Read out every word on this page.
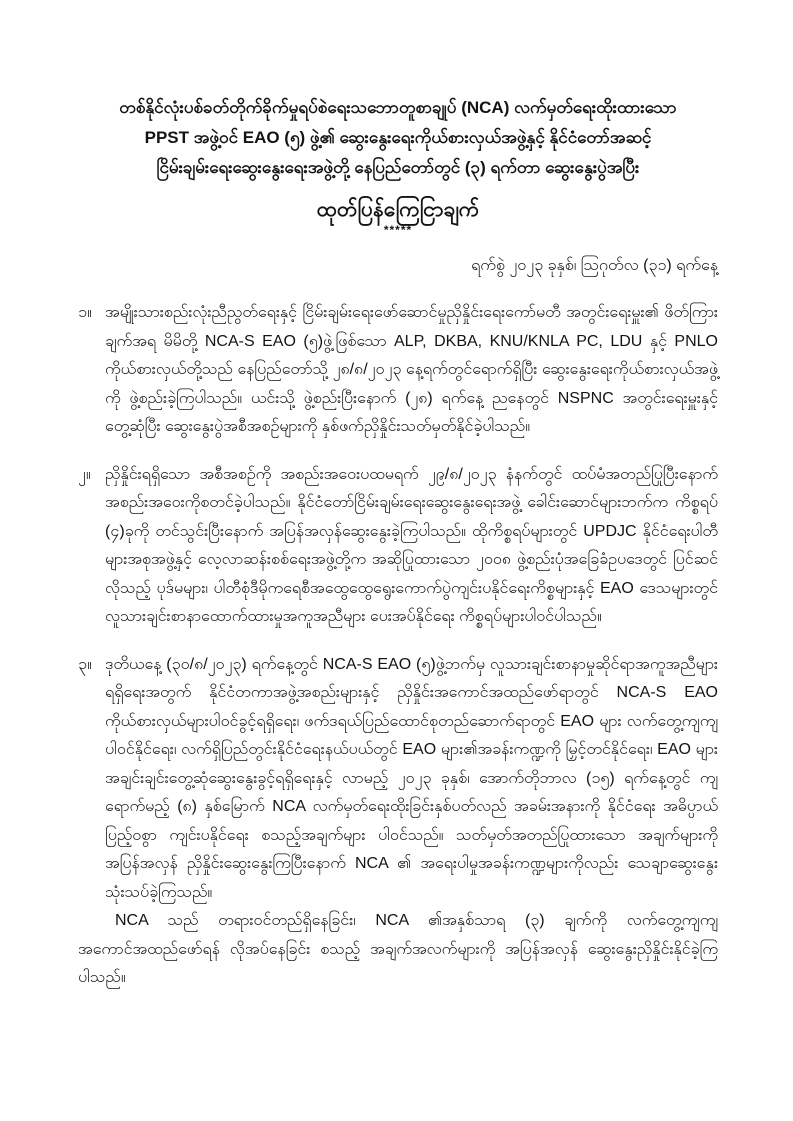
တစ်နိုင်လုံးပစ်ခတ်တိုက်ခိုက်မှုရပ်စဲရေးသဘောတူစာချုပ် (NCA) လက်မှတ်ရေးထိုးထားသော
PPST အဖွဲ့ဝင် EAO (၅) ဖွဲ့၏ ဆွေးနွေးရေးကိုယ်စားလှယ်အဖွဲ့နှင့် နိုင်ငံတော်အဆင့်
ငြိမ်းချမ်းရေးဆွေးနွေးရေးအဖွဲ့တို့ နေပြည်တော်တွင် (၃) ရက်တာ ဆွေးနွေးပွဲအပြီး
ထုတ်ပြန်ကြေငြာချက်
*****
ရက်စွဲ ၂၀၂၃ ခုနှစ်၊ သြဂုတ်လ (၃၁) ရက်နေ့
၁။ အမျိုးသားစည်းလုံးညီညွတ်ရေးနှင့် ငြိမ်းချမ်းရေးဖော်ဆောင်မှုညှိနှိုင်းရေးကော်မတီ အတွင်းရေးမှူး၏ ဖိတ်ကြားချက်အရ မိမိတို့ NCA-S EAO (၅)ဖွဲ့ဖြစ်သော ALP, DKBA, KNU/KNLA PC, LDU နှင့် PNLO ကိုယ်စားလှယ်တို့သည် နေပြည်တော်သို့ ၂၈/၈/၂၀၂၃ နေ့ရက်တွင်ရောက်ရှိပြီး ဆွေးနွေးရေးကိုယ်စားလှယ်အဖွဲ့ကို ဖွဲ့စည်းခဲ့ကြပါသည်။ ယင်းသို့ ဖွဲ့စည်းပြီးနောက် (၂၈) ရက်နေ့ ညနေတွင် NSPNC အတွင်းရေးမှူးနှင့်တွေ့ဆုံပြီး ဆွေးနွေးပွဲအစီအစဉ်များကို နှစ်ဖက်ညှိနှိုင်းသတ်မှတ်နိုင်ခဲ့ပါသည်။
၂။ ညှိနှိုင်းရရှိသော အစီအစဉ်ကို အစည်းအဝေးပထမရက် ၂၉/၈/၂၀၂၃ နံနက်တွင် ထပ်မံအတည်ပြုပြီးနောက် အစည်းအဝေးကိုစတင်ခဲ့ပါသည်။ နိုင်ငံတော်ငြိမ်းချမ်းရေးဆွေးနွေးရေးအဖွဲ့ ခေါင်းဆောင်များဘက်က ကိစ္စရပ် (၄)ခုကို တင်သွင်းပြီးနောက် အပြန်အလှန်ဆွေးနွေးခဲ့ကြပါသည်။ ထိုကိစ္စရပ်များတွင် UPDJC နိုင်ငံရေးပါတီများအစုအဖွဲ့နှင့် လေ့လာဆန်းစစ်ရေးအဖွဲ့တို့က အဆိုပြုထားသော ၂၀၀၈ ဖွဲ့စည်းပုံအခြေခံဥပဒေတွင် ပြင်ဆင်လိုသည့် ပုဒ်မများ၊ ပါတီစုံဒီမိုကရေစီအထွေထွေရွေးကောက်ပွဲကျင်းပနိုင်ရေးကိစ္စများနှင့် EAO ဒေသများတွင် လူသားချင်းစာနာထောက်ထားမှုအကူအညီများ ပေးအပ်နိုင်ရေး ကိစ္စရပ်များပါဝင်ပါသည်။
၃။ ဒုတိယနေ့ (၃၀/၈/၂၀၂၃) ရက်နေ့တွင် NCA-S EAO (၅)ဖွဲ့ဘက်မှ လူသားချင်းစာနာမှုဆိုင်ရာအကူအညီများ ရရှိရေးအတွက် နိုင်ငံတကာအဖွဲ့အစည်းများနှင့် ညှိနှိုင်းအကောင်အထည်ဖော်ရာတွင် NCA-S EAO ကိုယ်စားလှယ်များပါဝင်ခွင့်ရရှိရေး၊ ဖက်ဒရယ်ပြည်ထောင်စုတည်ဆောက်ရာတွင် EAO များ လက်တွေ့ကျကျပါဝင်နိုင်ရေး၊ လက်ရှိပြည်တွင်းနိုင်ငံရေးနယ်ပယ်တွင် EAO များ၏အခန်းကဏ္ဍကို မြှင့်တင်နိုင်ရေး၊ EAO များ အချင်းချင်းတွေ့ဆုံဆွေးနွေးခွင့်ရရှိရေးနှင့် လာမည့် ၂၀၂၃ ခုနှစ်၊ အောက်တိုဘာလ (၁၅) ရက်နေ့တွင် ကျရောက်မည့် (၈) နှစ်မြောက် NCA လက်မှတ်ရေးထိုးခြင်းနှစ်ပတ်လည် အခမ်းအနားကို နိုင်ငံရေး အဓိပ္ပာယ်ပြည့်ဝစွာ ကျင်းပနိုင်ရေး စသည့်အချက်များ ပါဝင်သည်။ သတ်မှတ်အတည်ပြုထားသော အချက်များကို အပြန်အလှန် ညှိနှိုင်းဆွေးနွေးကြပြီးနောက် NCA ၏ အရေးပါမှုအခန်းကဏ္ဍများကိုလည်း သေချာဆွေးနွေးသုံးသပ်ခဲ့ကြသည်။
NCA သည် တရားဝင်တည်ရှိနေခြင်း၊ NCA ၏အနှစ်သာရ (၃) ချက်ကို လက်တွေ့ကျကျ အကောင်အထည်ဖော်ရန် လိုအပ်နေခြင်း စသည့် အချက်အလက်များကို အပြန်အလှန် ဆွေးနွေးညှိနှိုင်းနိုင်ခဲ့ကြပါသည်။
